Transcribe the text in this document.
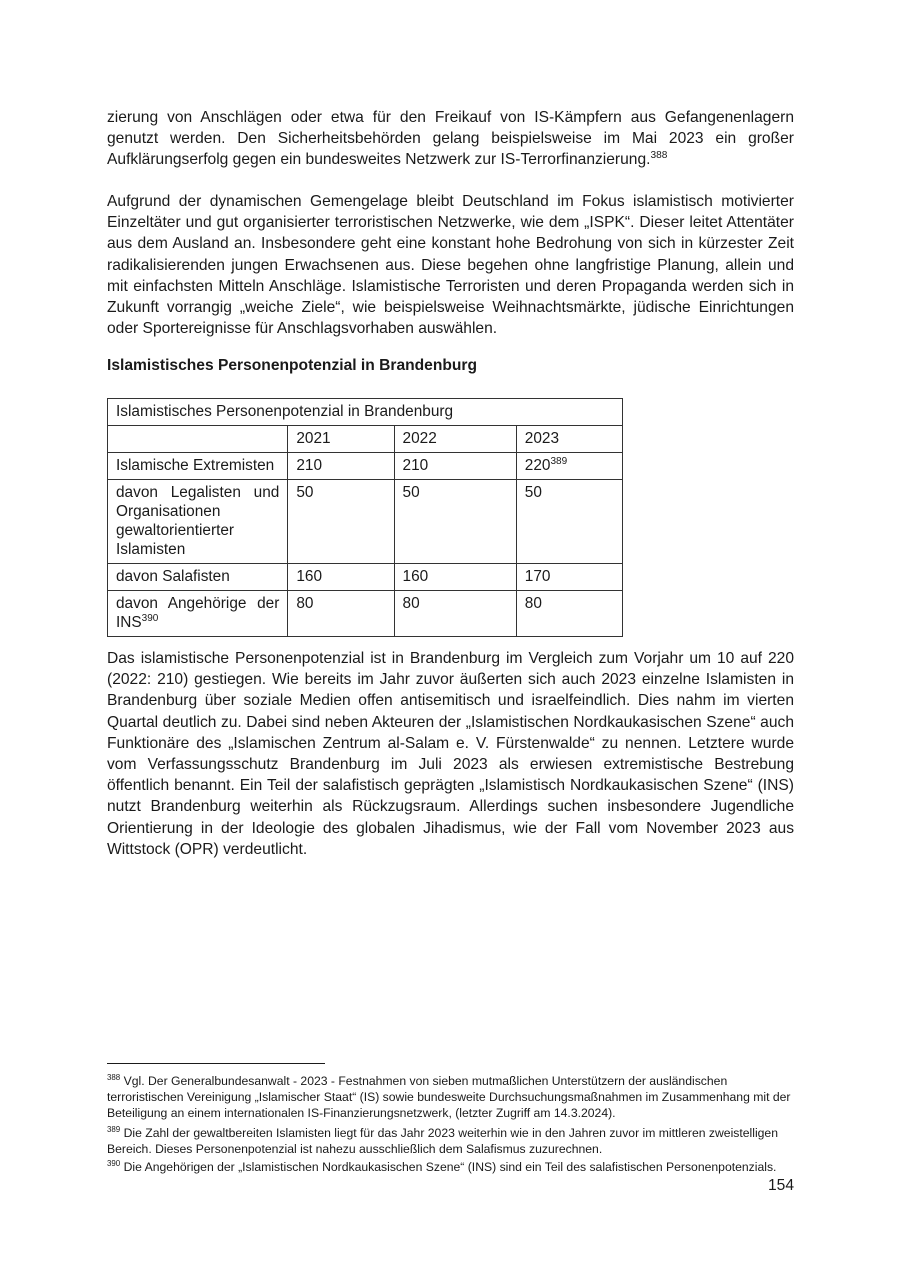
zierung von Anschlägen oder etwa für den Freikauf von IS-Kämpfern aus Gefangenenlagern genutzt werden. Den Sicherheitsbehörden gelang beispielsweise im Mai 2023 ein großer Aufklärungserfolg gegen ein bundesweites Netzwerk zur IS-Terrorfinanzierung.$^{388}$

Aufgrund der dynamischen Gemengelage bleibt Deutschland im Fokus islamistisch motivierter Einzeltäter und gut organisierter terroristischen Netzwerke, wie dem „ISPK“. Dieser leitet Attentäter aus dem Ausland an. Insbesondere geht eine konstant hohe Bedrohung von sich in kürzester Zeit radikalisierenden jungen Erwachsenen aus. Diese begehen ohne langfristige Planung, allein und mit einfachsten Mitteln Anschläge. Islamistische Terroristen und deren Propaganda werden sich in Zukunft vorrangig „weiche Ziele“, wie beispielsweise Weihnachtsmärkte, jüdische Einrichtungen oder Sportereignisse für Anschlagsvorhaben auswählen.

Islamistisches Personenpotenzial in Brandenburg
Islamistisches Personenpotenzial in Brandenburg			
	2021	2022	2023
Islamische Extremisten	210	210	$220^{389}$
davon Legalisten und Organisationen gewaltorientierter Islamisten	50	50	50
davon Salafisten	160	160	170
davon Angehörige der INS$^{390}$	80	80	80

Das islamistische Personenpotenzial ist in Brandenburg im Vergleich zum Vorjahr um 10 auf 220 (2022: 210) gestiegen. Wie bereits im Jahr zuvor äußerten sich auch 2023 einzelne Islamisten in Brandenburg über soziale Medien offen antisemitisch und israelfeindlich. Dies nahm im vierten Quartal deutlich zu. Dabei sind neben Akteuren der „Islamistischen Nordkaukasischen Szene“ auch Funktionäre des „Islamischen Zentrum al-Salam e. V. Fürstenwalde“ zu nennen. Letztere wurde vom Verfassungsschutz Brandenburg im Juli 2023 als erwiesen extremistische Bestrebung öffentlich benannt. Ein Teil der salafistisch geprägten „Islamistisch Nordkaukasischen Szene“ (INS) nutzt Brandenburg weiterhin als Rückzugsraum. Allerdings suchen insbesondere Jugendliche Orientierung in der Ideologie des globalen Jihadismus, wie der Fall vom November 2023 aus Wittstock (OPR) verdeutlicht.

$^{388}$ Vgl. Der Generalbundesanwalt - 2023 - Festnahmen von sieben mutmaßlichen Unterstützern der ausländischen terroristischen Vereinigung „Islamischer Staat“ (IS) sowie bundesweite Durchsuchungsmaßnahmen im Zusammenhang mit der Beteiligung an einem internationalen IS-Finanzierungsnetzwerk, (letzter Zugriff am 14.3.2024).

$^{389}$ Die Zahl der gewaltbereiten Islamisten liegt für das Jahr 2023 weiterhin wie in den Jahren zuvor im mittleren zweistelligen Bereich. Dieses Personenpotenzial ist nahezu ausschließlich dem Salafismus zuzurechnen.

$^{390}$ Die Angehörigen der „Islamistischen Nordkaukasischen Szene“ (INS) sind ein Teil des salafistischen Personenpotenzials.

154
